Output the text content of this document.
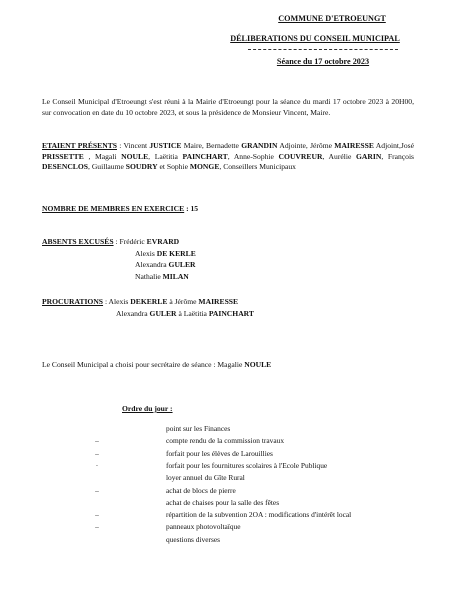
COMMUNE D'ETROEUNGT
DÉLIBERATIONS DU CONSEIL MUNICIPAL
Séance du 17 octobre 2023
Le Conseil Municipal d'Etroeungt s'est réuni à la Mairie d'Etroeungt pour la séance du mardi 17 octobre 2023 à 20H00, sur convocation en date du 10 octobre 2023, et sous la présidence de Monsieur Vincent, Maire.
ETAIENT PRÉSENTS : Vincent JUSTICE Maire, Bernadette GRANDIN Adjointe, Jérôme MAIRESSE Adjoint,José PRISSETTE , Magali NOULE, Laëtitia PAINCHART, Anne-Sophie COUVREUR, Aurélie GARIN, François DESENCLOS, Guillaume SOUDRY et Sophie MONGE, Conseillers Municipaux
NOMBRE DE MEMBRES EN EXERCICE : 15
ABSENTS EXCUSÉS : Frédéric EVRARD
Alexis DE KERLE
Alexandra GULER
Nathalie MILAN
PROCURATIONS : Alexis DEKERLE à Jérôme MAIRESSE
Alexandra GULER à Laëtitia PAINCHART
Le Conseil Municipal a choisi pour secrétaire de séance : Magalie NOULE
Ordre du jour :
point sur les Finances
–	compte rendu de la commission travaux
–	forfait pour les élèves de Larouillies
·	forfait pour les fournitures scolaires à l'Ecole Publique
loyer annuel du Gîte Rural
–	achat de blocs de pierre
achat de chaises pour la salle des fêtes
–	répartition de la subvention 2OA : modifications d'intérêt local
–	panneaux photovoltaïque
questions diverses
